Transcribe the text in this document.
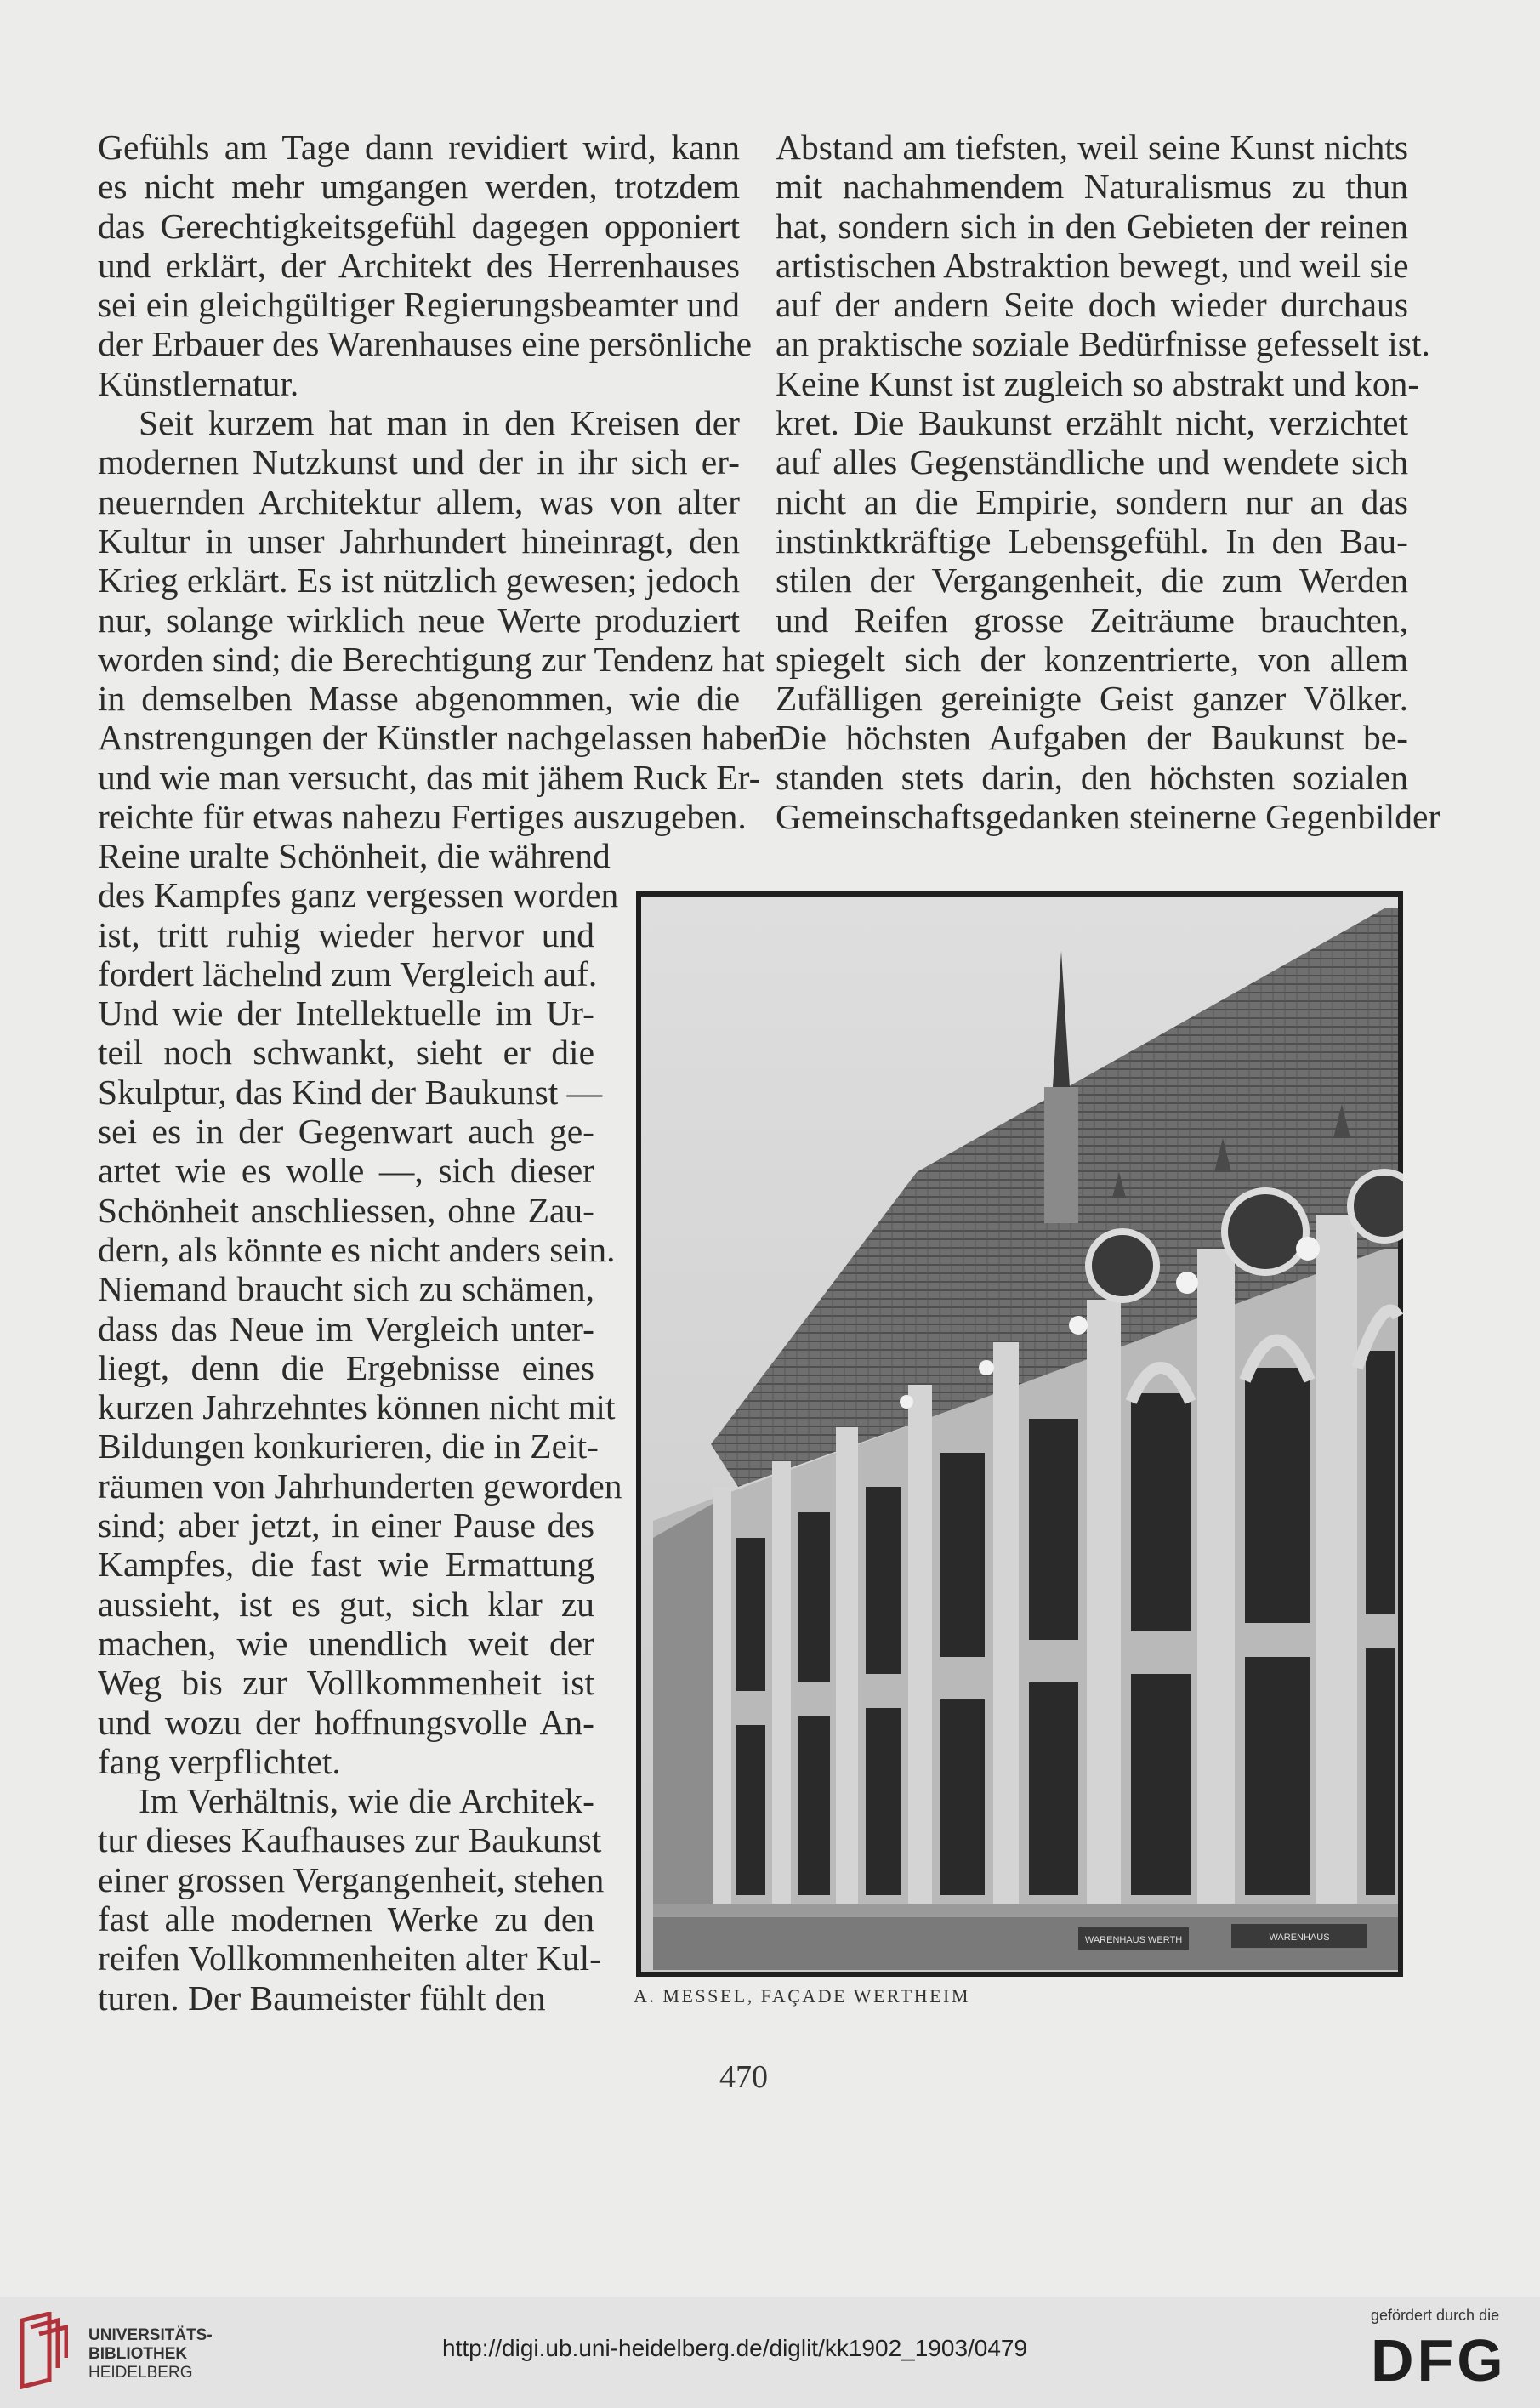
Gefühls am Tage dann revidiert wird, kann
es nicht mehr umgangen werden, trotzdem
das Gerechtigkeitsgefühl dagegen opponiert
und erklärt, der Architekt des Herrenhauses
sei ein gleichgültiger Regierungsbeamter und
der Erbauer des Warenhauses eine persönliche
Künstlernatur.
Seit kurzem hat man in den Kreisen der
modernen Nutzkunst und der in ihr sich er-
neuernden Architektur allem, was von alter
Kultur in unser Jahrhundert hineinragt, den
Krieg erklärt. Es ist nützlich gewesen; jedoch
nur, solange wirklich neue Werte produziert
worden sind; die Berechtigung zur Tendenz hat
in demselben Masse abgenommen, wie die
Anstrengungen der Künstler nachgelassen haben
und wie man versucht, das mit jähem Ruck Er-
reichte für etwas nahezu Fertiges auszugeben.
Reine uralte Schönheit, die während
des Kampfes ganz vergessen worden
ist, tritt ruhig wieder hervor und
fordert lächelnd zum Vergleich auf.
Und wie der Intellektuelle im Ur-
teil noch schwankt, sieht er die
Skulptur, das Kind der Baukunst —
sei es in der Gegenwart auch ge-
artet wie es wolle —, sich dieser
Schönheit anschliessen, ohne Zau-
dern, als könnte es nicht anders sein.
Niemand braucht sich zu schämen,
dass das Neue im Vergleich unter-
liegt, denn die Ergebnisse eines
kurzen Jahrzehntes können nicht mit
Bildungen konkurieren, die in Zeit-
räumen von Jahrhunderten geworden
sind; aber jetzt, in einer Pause des
Kampfes, die fast wie Ermattung
aussieht, ist es gut, sich klar zu
machen, wie unendlich weit der
Weg bis zur Vollkommenheit ist
und wozu der hoffnungsvolle An-
fang verpflichtet.
Im Verhältnis, wie die Architek-
tur dieses Kaufhauses zur Baukunst
einer grossen Vergangenheit, stehen
fast alle modernen Werke zu den
reifen Vollkommenheiten alter Kul-
turen. Der Baumeister fühlt den
Abstand am tiefsten, weil seine Kunst nichts
mit nachahmendem Naturalismus zu thun
hat, sondern sich in den Gebieten der reinen
artistischen Abstraktion bewegt, und weil sie
auf der andern Seite doch wieder durchaus
an praktische soziale Bedürfnisse gefesselt ist.
Keine Kunst ist zugleich so abstrakt und kon-
kret. Die Baukunst erzählt nicht, verzichtet
auf alles Gegenständliche und wendete sich
nicht an die Empirie, sondern nur an das
instinktkräftige Lebensgefühl. In den Bau-
stilen der Vergangenheit, die zum Werden
und Reifen grosse Zeiträume brauchten,
spiegelt sich der konzentrierte, von allem
Zufälligen gereinigte Geist ganzer Völker.
Die höchsten Aufgaben der Baukunst be-
standen stets darin, den höchsten sozialen
Gemeinschaftsgedanken steinerne Gegenbilder
WARENHAUS WERTH	WARENHAUS
A. MESSEL, FAÇADE WERTHEIM
470
UNIVERSITÄTS-
BIBLIOTHEK
HEIDELBERG
http://digi.ub.uni-heidelberg.de/diglit/kk1902_1903/0479
gefördert durch die
DFG
